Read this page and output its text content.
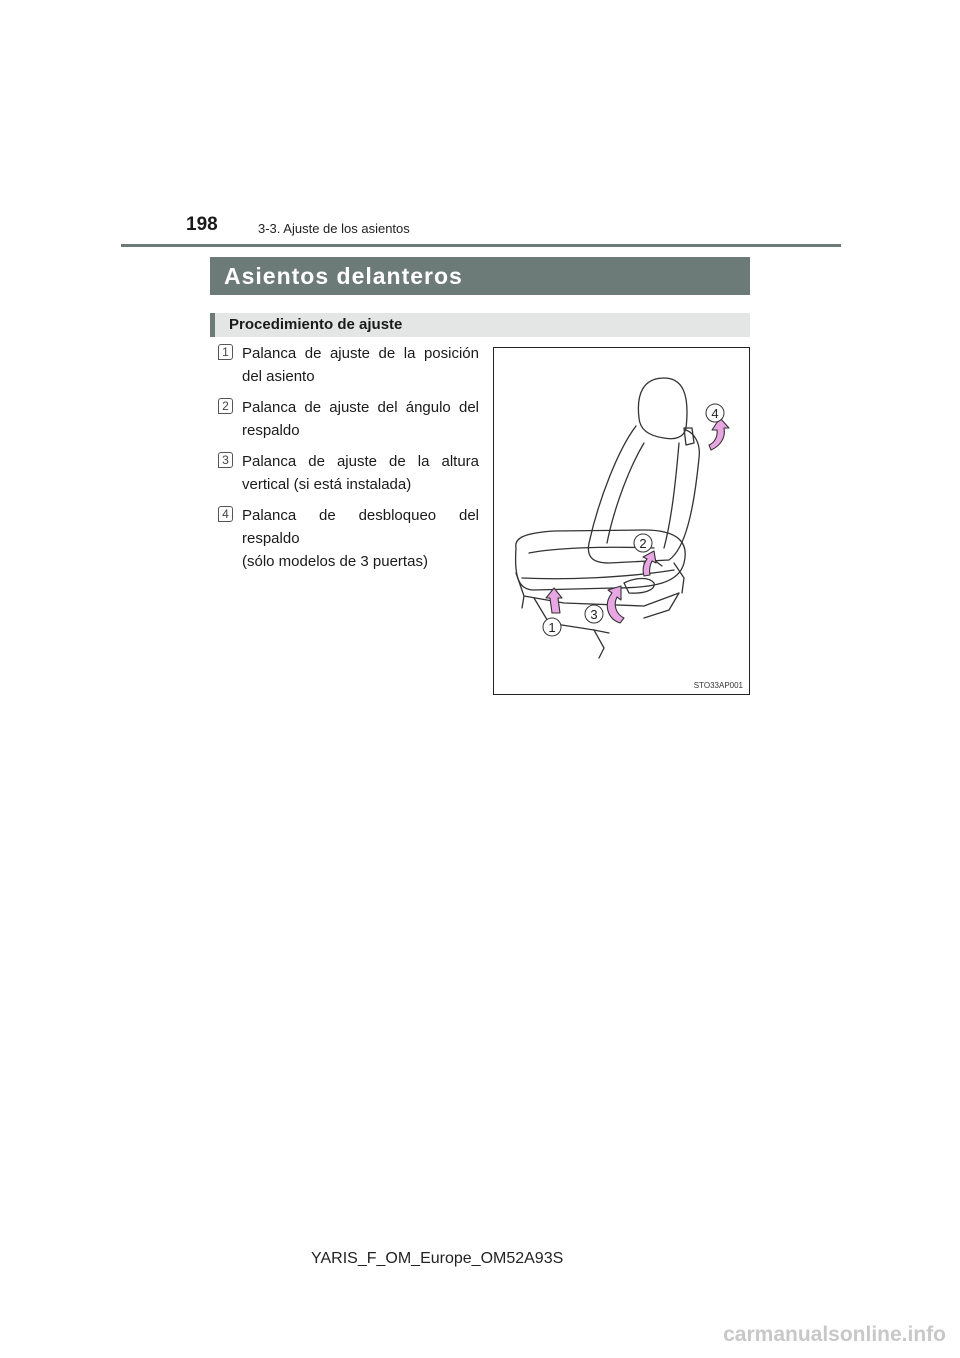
198	3-3. Ajuste de los asientos
Asientos delanteros
Procedimiento de ajuste
1 Palanca de ajuste de la posición del asiento
2 Palanca de ajuste del ángulo del respaldo
3 Palanca de ajuste de la altura vertical (si está instalada)
4 Palanca de desbloqueo del respaldo
(sólo modelos de 3 puertas)
4
2
3
1
STO33AP001
YARIS_F_OM_Europe_OM52A93S
carmanualsonline.info
